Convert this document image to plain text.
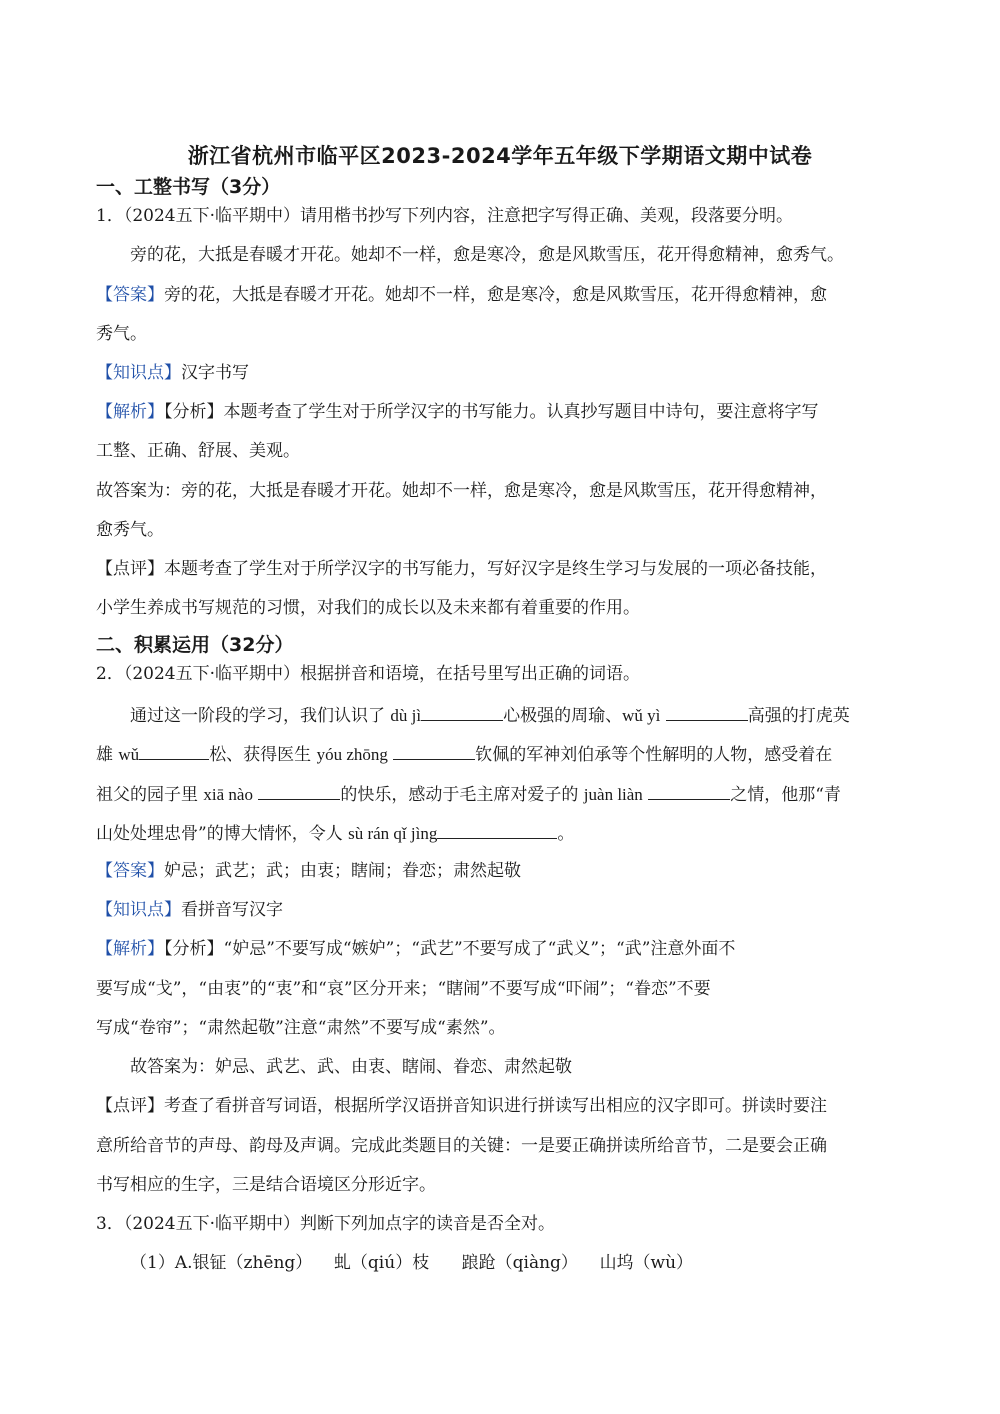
浙江省杭州市临平区2023-2024学年五年级下学期语文期中试卷
一、工整书写（3分）
1．（2024五下·临平期中）请用楷书抄写下列内容，注意把字写得正确、美观，段落要分明。
旁的花，大抵是春暖才开花。她却不一样，愈是寒冷，愈是风欺雪压，花开得愈精神，愈秀气。
【答案】旁的花，大抵是春暖才开花。她却不一样，愈是寒冷，愈是风欺雪压，花开得愈精神，愈
秀气。
【知识点】汉字书写
【解析】【分析】本题考查了学生对于所学汉字的书写能力。认真抄写题目中诗句，要注意将字写
工整、正确、舒展、美观。
故答案为：旁的花，大抵是春暖才开花。她却不一样，愈是寒冷，愈是风欺雪压，花开得愈精神，
愈秀气。
【点评】本题考查了学生对于所学汉字的书写能力，写好汉字是终生学习与发展的一项必备技能，
小学生养成书写规范的习惯，对我们的成长以及未来都有着重要的作用。
二、积累运用（32分）
2．（2024五下·临平期中）根据拼音和语境，在括号里写出正确的词语。
通过这一阶段的学习，我们认识了 dù jì	心极强的周瑜、wǔ yì	高强的打虎英
雄 wǔ	松、获得医生 yóu zhōng	钦佩的军神刘伯承等个性解明的人物，感受着在
祖父的园子里 xiā nào	的快乐，感动于毛主席对爱子的 juàn liàn	之情，他那“青
山处处埋忠骨”的博大情怀，令人 sù rán qǐ jìng	。
【答案】妒忌；武艺；武；由衷；瞎闹；眷恋；肃然起敬
【知识点】看拼音写汉字
【解析】【分析】“妒忌”不要写成“嫉妒”；“武艺”不要写成了“武义”；“武”注意外面不
要写成“戈”，“由衷”的“衷”和“哀”区分开来；“瞎闹”不要写成“吓闹”；“眷恋”不要
写成“卷帘”；“肃然起敬”注意“肃然”不要写成“素然”。
故答案为：妒忌、武艺、武、由衷、瞎闹、眷恋、肃然起敬
【点评】考查了看拼音写词语，根据所学汉语拼音知识进行拼读写出相应的汉字即可。拼读时要注
意所给音节的声母、韵母及声调。完成此类题目的关键：一是要正确拼读所给音节，二是要会正确
书写相应的生字，三是结合语境区分形近字。
3．（2024五下·临平期中）判断下列加点字的读音是否全对。
（1）A.银钲（zhēng） 虬（qiú）枝 踉跄（qiàng） 山坞（wù）
